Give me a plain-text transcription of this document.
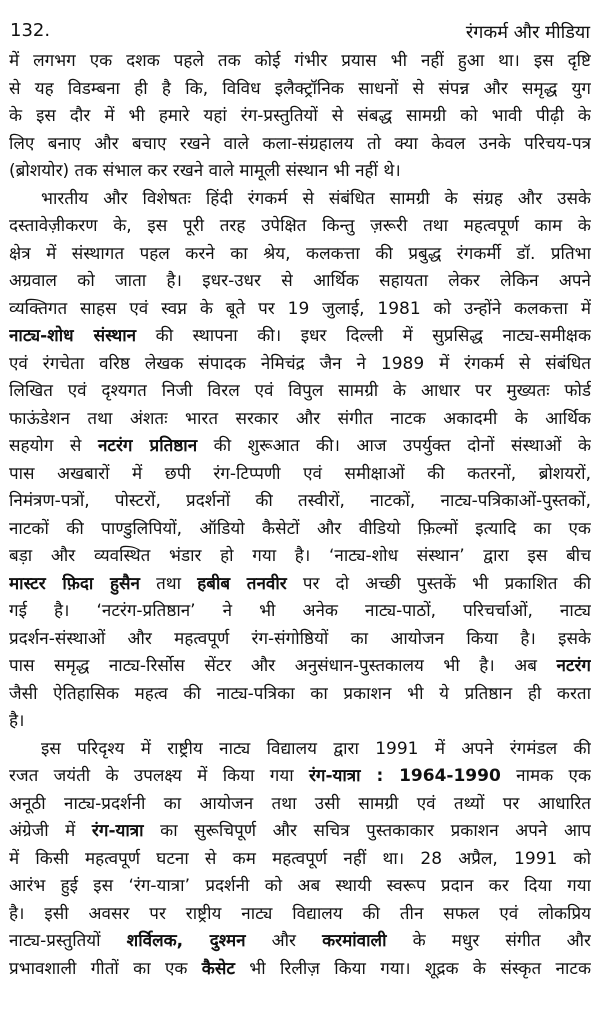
132.	रंगकर्म और मीडिया
में लगभग एक दशक पहले तक कोई गंभीर प्रयास भी नहीं हुआ था। इस दृष्टि
से यह विडम्बना ही है कि, विविध इलैक्ट्रॉनिक साधनों से संपन्न और समृद्ध युग
के इस दौर में भी हमारे यहां रंग-प्रस्तुतियों से संबद्ध सामग्री को भावी पीढ़ी के
लिए बनाए और बचाए रखने वाले कला-संग्रहालय तो क्या केवल उनके परिचय-पत्र
(ब्रोशयोर) तक संभाल कर रखने वाले मामूली संस्थान भी नहीं थे।
भारतीय और विशेषतः हिंदी रंगकर्म से संबंधित सामग्री के संग्रह और उसके
दस्तावेज़ीकरण के, इस पूरी तरह उपेक्षित किन्तु ज़रूरी तथा महत्वपूर्ण काम के
क्षेत्र में संस्थागत पहल करने का श्रेय, कलकत्ता की प्रबुद्ध रंगकर्मी डॉ. प्रतिभा
अग्रवाल को जाता है। इधर-उधर से आर्थिक सहायता लेकर लेकिन अपने
व्यक्तिगत साहस एवं स्वप्न के बूते पर 19 जुलाई, 1981 को उन्होंने कलकत्ता में
नाट्य-शोध संस्थान की स्थापना की। इधर दिल्ली में सुप्रसिद्ध नाट्य-समीक्षक
एवं रंगचेता वरिष्ठ लेखक संपादक नेमिचंद्र जैन ने 1989 में रंगकर्म से संबंधित
लिखित एवं दृश्यगत निजी विरल एवं विपुल सामग्री के आधार पर मुख्यतः फोर्ड
फाऊंडेशन तथा अंशतः भारत सरकार और संगीत नाटक अकादमी के आर्थिक
सहयोग से नटरंग प्रतिष्ठान की शुरूआत की। आज उपर्युक्त दोनों संस्थाओं के
पास अखबारों में छपी रंग-टिप्पणी एवं समीक्षाओं की कतरनों, ब्रोशयरों,
निमंत्रण-पत्रों, पोस्टरों, प्रदर्शनों की तस्वीरों, नाटकों, नाट्य-पत्रिकाओं-पुस्तकों,
नाटकों की पाण्डुलिपियों, ऑडियो कैसेटों और वीडियो फ़िल्मों इत्यादि का एक
बड़ा और व्यवस्थित भंडार हो गया है। ‘नाट्य-शोध संस्थान’ द्वारा इस बीच
मास्टर फ़िदा हुसैन तथा हबीब तनवीर पर दो अच्छी पुस्तकें भी प्रकाशित की
गई है। ‘नटरंग-प्रतिष्ठान’ ने भी अनेक नाट्य-पाठों, परिचर्चाओं, नाट्य
प्रदर्शन-संस्थाओं और महत्वपूर्ण रंग-संगोष्ठियों का आयोजन किया है। इसके
पास समृद्ध नाट्य-रिर्सोस सेंटर और अनुसंधान-पुस्तकालय भी है। अब नटरंग
जैसी ऐतिहासिक महत्व की नाट्य-पत्रिका का प्रकाशन भी ये प्रतिष्ठान ही करता
है।
इस परिदृश्य में राष्ट्रीय नाट्य विद्यालय द्वारा 1991 में अपने रंगमंडल की
रजत जयंती के उपलक्ष्य में किया गया रंग-यात्रा : 1964-1990 नामक एक
अनूठी नाट्य-प्रदर्शनी का आयोजन तथा उसी सामग्री एवं तथ्यों पर आधारित
अंग्रेजी में रंग-यात्रा का सुरूचिपूर्ण और सचित्र पुस्तकाकार प्रकाशन अपने आप
में किसी महत्वपूर्ण घटना से कम महत्वपूर्ण नहीं था। 28 अप्रैल, 1991 को
आरंभ हुई इस ‘रंग-यात्रा’ प्रदर्शनी को अब स्थायी स्वरूप प्रदान कर दिया गया
है। इसी अवसर पर राष्ट्रीय नाट्य विद्यालय की तीन सफल एवं लोकप्रिय
नाट्य-प्रस्तुतियों शर्विलक, दुश्मन और करमांवाली के मधुर संगीत और
प्रभावशाली गीतों का एक कैसेट भी रिलीज़ किया गया। शूद्रक के संस्कृत नाटक
